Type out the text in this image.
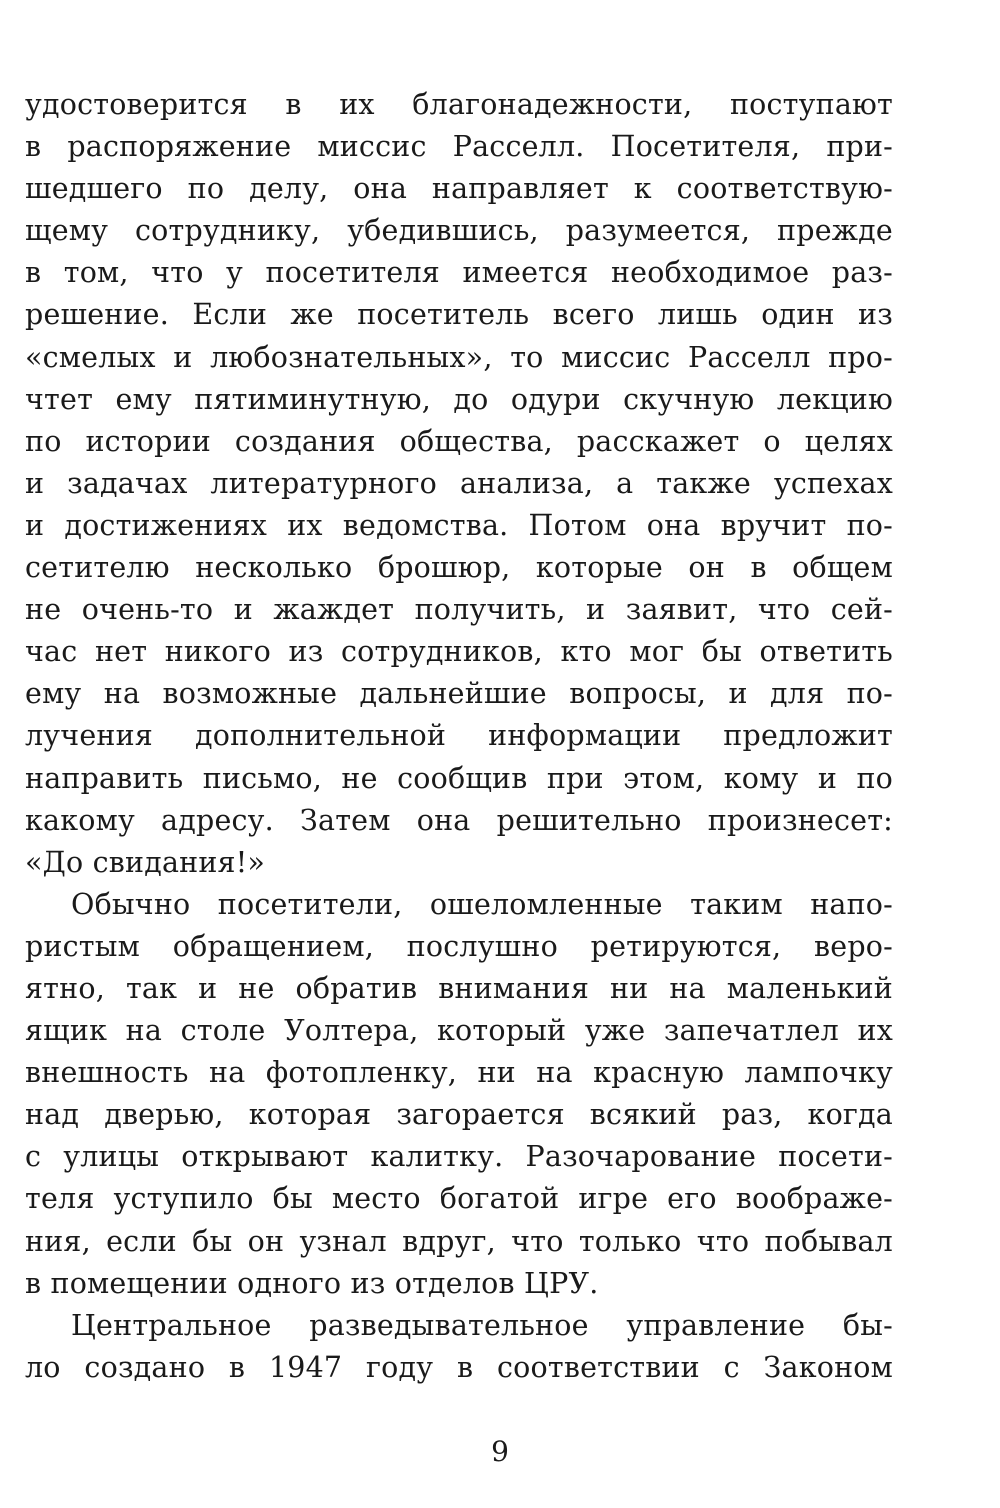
удостоверится в их благонадежности, поступают
в распоряжение миссис Расселл. Посетителя, при-
шедшего по делу, она направляет к соответствую-
щему сотруднику, убедившись, разумеется, прежде
в том, что у посетителя имеется необходимое раз-
решение. Если же посетитель всего лишь один из
«смелых и любознательных», то миссис Расселл про-
чтет ему пятиминутную, до одури скучную лекцию
по истории создания общества, расскажет о целях
и задачах литературного анализа, а также успехах
и достижениях их ведомства. Потом она вручит по-
сетителю несколько брошюр, которые он в общем
не очень-то и жаждет получить, и заявит, что сей-
час нет никого из сотрудников, кто мог бы ответить
ему на возможные дальнейшие вопросы, и для по-
лучения дополнительной информации предложит
направить письмо, не сообщив при этом, кому и по
какому адресу. Затем она решительно произнесет:
«До свидания!»
Обычно посетители, ошеломленные таким напо-
ристым обращением, послушно ретируются, веро-
ятно, так и не обратив внимания ни на маленький
ящик на столе Уолтера, который уже запечатлел их
внешность на фотопленку, ни на красную лампочку
над дверью, которая загорается всякий раз, когда
с улицы открывают калитку. Разочарование посети-
теля уступило бы место богатой игре его воображе-
ния, если бы он узнал вдруг, что только что побывал
в помещении одного из отделов ЦРУ.
Центральное разведывательное управление бы-
ло создано в 1947 году в соответствии с Законом
9
